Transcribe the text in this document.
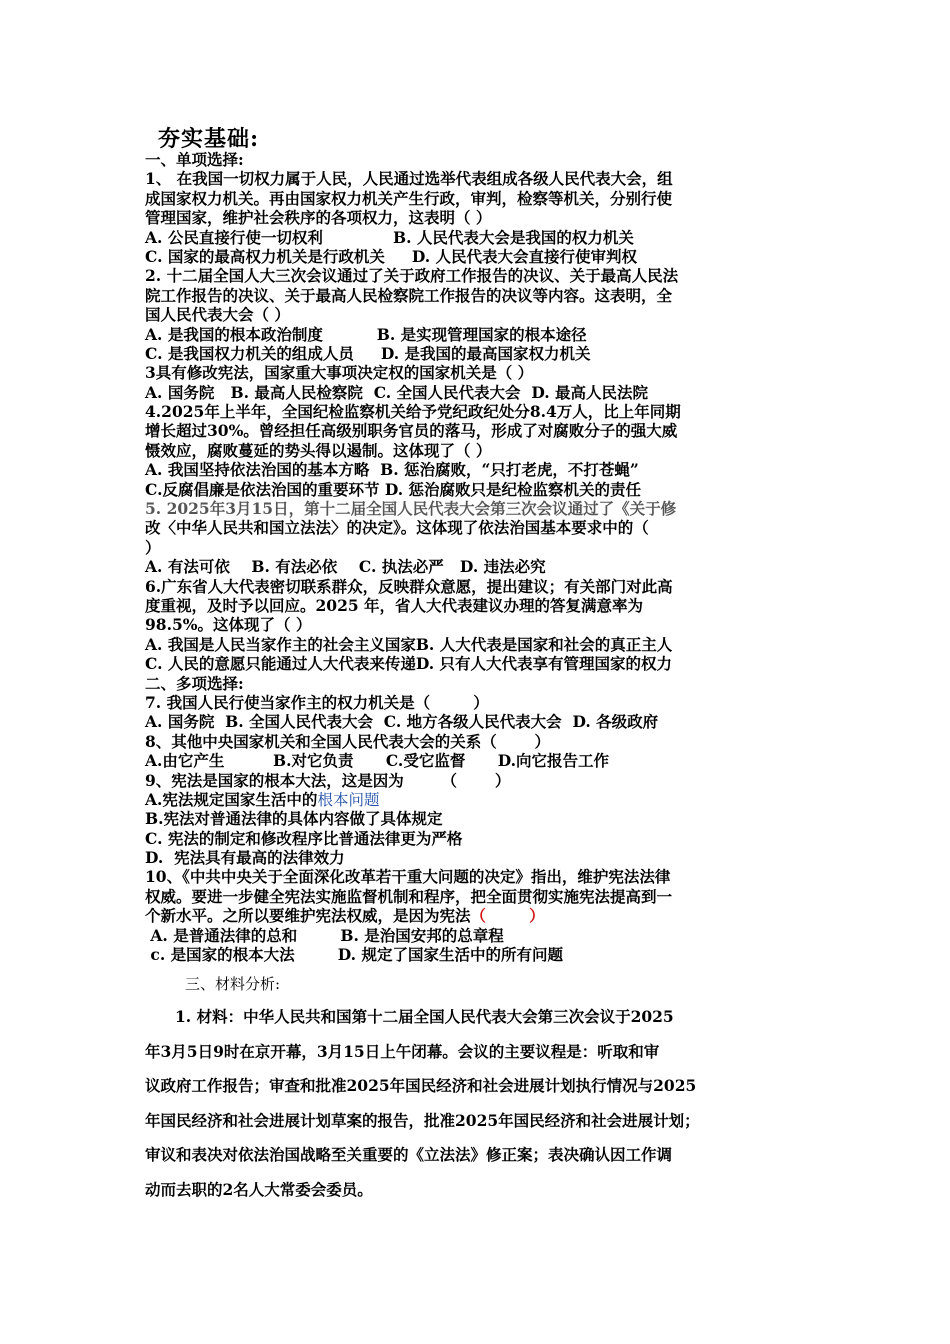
夯实基础:
一、单项选择:
1、 在我国一切权力属于人民，人民通过选举代表组成各级人民代表大会，组
成国家权力机关。再由国家权力机关产生行政，审判，检察等机关，分别行使
管理国家，维护社会秩序的各项权力，这表明（ ）
A. 公民直接行使一切权利             B. 人民代表大会是我国的权力机关
C. 国家的最高权力机关是行政机关     D. 人民代表大会直接行使审判权
2. 十二届全国人大三次会议通过了关于政府工作报告的决议、关于最高人民法
院工作报告的决议、关于最高人民检察院工作报告的决议等内容。这表明，全
国人民代表大会（ ）
A. 是我国的根本政治制度          B. 是实现管理国家的根本途径
C. 是我国权力机关的组成人员     D. 是我国的最高国家权力机关
3具有修改宪法，国家重大事项决定权的国家机关是（ ）
A. 国务院   B. 最高人民检察院  C. 全国人民代表大会  D. 最高人民法院
4.2025年上半年，全国纪检监察机关给予党纪政纪处分8.4万人，比上年同期
增长超过30%。曾经担任高级别职务官员的落马，形成了对腐败分子的强大威
慑效应，腐败蔓延的势头得以遏制。这体现了（ ）
A. 我国坚持依法治国的基本方略  B. 惩治腐败，“只打老虎，不打苍蝇”
C.反腐倡廉是依法治国的重要环节 D. 惩治腐败只是纪检监察机关的责任
5. 2025年3月15日，第十二届全国人民代表大会第三次会议通过了《关于修
改〈中华人民共和国立法法〉的决定》。这体现了依法治国基本要求中的（
）
A. 有法可依    B. 有法必依    C. 执法必严   D. 违法必究
6.广东省人大代表密切联系群众，反映群众意愿，提出建议；有关部门对此高
度重视，及时予以回应。2025 年，省人大代表建议办理的答复满意率为
98.5%。这体现了（ ）
A. 我国是人民当家作主的社会主义国家B. 人大代表是国家和社会的真正主人
C. 人民的意愿只能通过人大代表来传递D. 只有人大代表享有管理国家的权力
二、多项选择:
7. 我国人民行使当家作主的权力机关是（        ）
A. 国务院  B. 全国人民代表大会  C. 地方各级人民代表大会  D. 各级政府
8、其他中央国家机关和全国人民代表大会的关系（       ）
A.由它产生         B.对它负责      C.受它监督      D.向它报告工作
9、宪法是国家的根本大法，这是因为       （       ）
A.宪法规定国家生活中的根本问题
B.宪法对普通法律的具体内容做了具体规定
C. 宪法的制定和修改程序比普通法律更为严格
D.  宪法具有最高的法律效力
10、《中共中央关于全面深化改革若干重大问题的决定》指出，维护宪法法律
权威。要进一步健全宪法实施监督机制和程序，把全面贯彻实施宪法提高到一
个新水平。之所以要维护宪法权威，是因为宪法（        ）
A. 是普通法律的总和        B. 是治国安邦的总章程
c. 是国家的根本大法        D. 规定了国家生活中的所有问题
三、材料分析:
1. 材料：中华人民共和国第十二届全国人民代表大会第三次会议于2025
年3月5日9时在京开幕，3月15日上午闭幕。会议的主要议程是：听取和审
议政府工作报告；审查和批准2025年国民经济和社会进展计划执行情况与2025
年国民经济和社会进展计划草案的报告，批准2025年国民经济和社会进展计划；
审议和表决对依法治国战略至关重要的《立法法》修正案；表决确认因工作调
动而去职的2名人大常委会委员。
